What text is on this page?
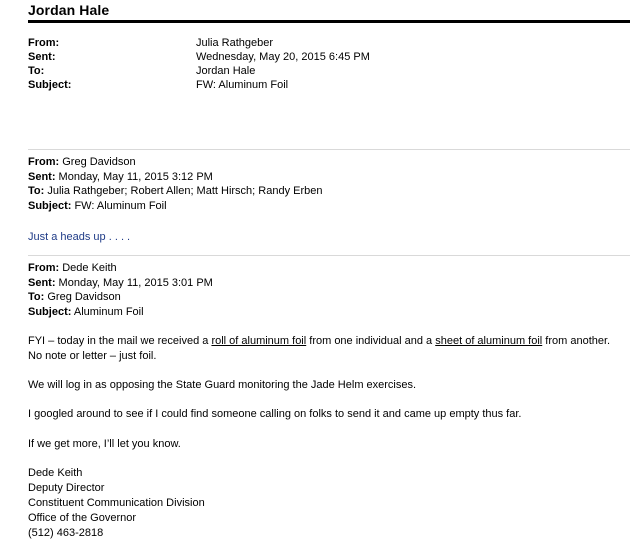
Jordan Hale
From:	Julia Rathgeber
Sent:	Wednesday, May 20, 2015 6:45 PM
To:	Jordan Hale
Subject:	FW: Aluminum Foil
From: Greg Davidson
Sent: Monday, May 11, 2015 3:12 PM
To: Julia Rathgeber; Robert Allen; Matt Hirsch; Randy Erben
Subject: FW: Aluminum Foil
Just a heads up . . . .
From: Dede Keith
Sent: Monday, May 11, 2015 3:01 PM
To: Greg Davidson
Subject: Aluminum Foil
FYI – today in the mail we received a roll of aluminum foil from one individual and a sheet of aluminum foil from another. No note or letter – just foil.
We will log in as opposing the State Guard monitoring the Jade Helm exercises.
I googled around to see if I could find someone calling on folks to send it and came up empty thus far.
If we get more, I’ll let you know.
Dede Keith
Deputy Director
Constituent Communication Division
Office of the Governor
(512) 463-2818
